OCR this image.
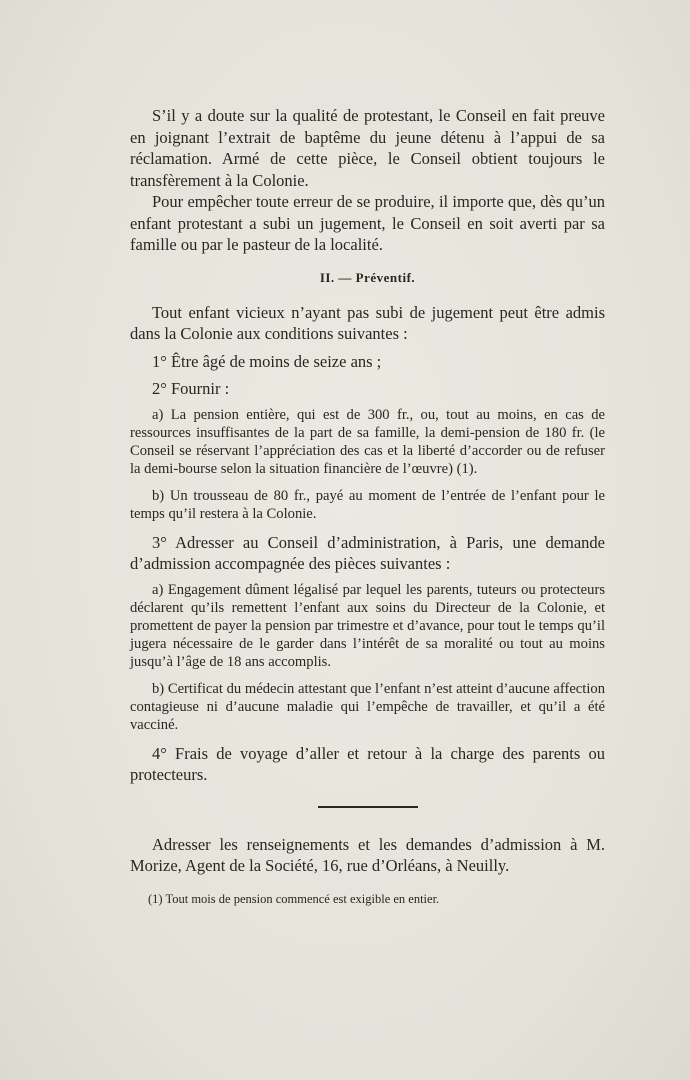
S’il y a doute sur la qualité de protestant, le Conseil en fait preuve en joignant l’extrait de baptême du jeune détenu à l’appui de sa réclamation. Armé de cette pièce, le Conseil obtient toujours le transfèrement à la Colonie.

Pour empêcher toute erreur de se produire, il importe que, dès qu’un enfant protestant a subi un jugement, le Conseil en soit averti par sa famille ou par le pasteur de la localité.

II. — Préventif.

Tout enfant vicieux n’ayant pas subi de jugement peut être admis dans la Colonie aux conditions suivantes :

1° Être âgé de moins de seize ans ;

2° Fournir :

a) La pension entière, qui est de 300 fr., ou, tout au moins, en cas de ressources insuffisantes de la part de sa famille, la demi-pension de 180 fr. (le Conseil se réservant l’appréciation des cas et la liberté d’accorder ou de refuser la demi-bourse selon la situation financière de l’œuvre) (1).

b) Un trousseau de 80 fr., payé au moment de l’entrée de l’enfant pour le temps qu’il restera à la Colonie.

3° Adresser au Conseil d’administration, à Paris, une demande d’admission accompagnée des pièces suivantes :

a) Engagement dûment légalisé par lequel les parents, tuteurs ou protecteurs déclarent qu’ils remettent l’enfant aux soins du Directeur de la Colonie, et promettent de payer la pension par trimestre et d’avance, pour tout le temps qu’il jugera nécessaire de le garder dans l’intérêt de sa moralité ou tout au moins jusqu’à l’âge de 18 ans accomplis.

b) Certificat du médecin attestant que l’enfant n’est atteint d’aucune affection contagieuse ni d’aucune maladie qui l’empêche de travailler, et qu’il a été vacciné.

4° Frais de voyage d’aller et retour à la charge des parents ou protecteurs.

Adresser les renseignements et les demandes d’admission à M. Morize, Agent de la Société, 16, rue d’Orléans, à Neuilly.

(1) Tout mois de pension commencé est exigible en entier.
